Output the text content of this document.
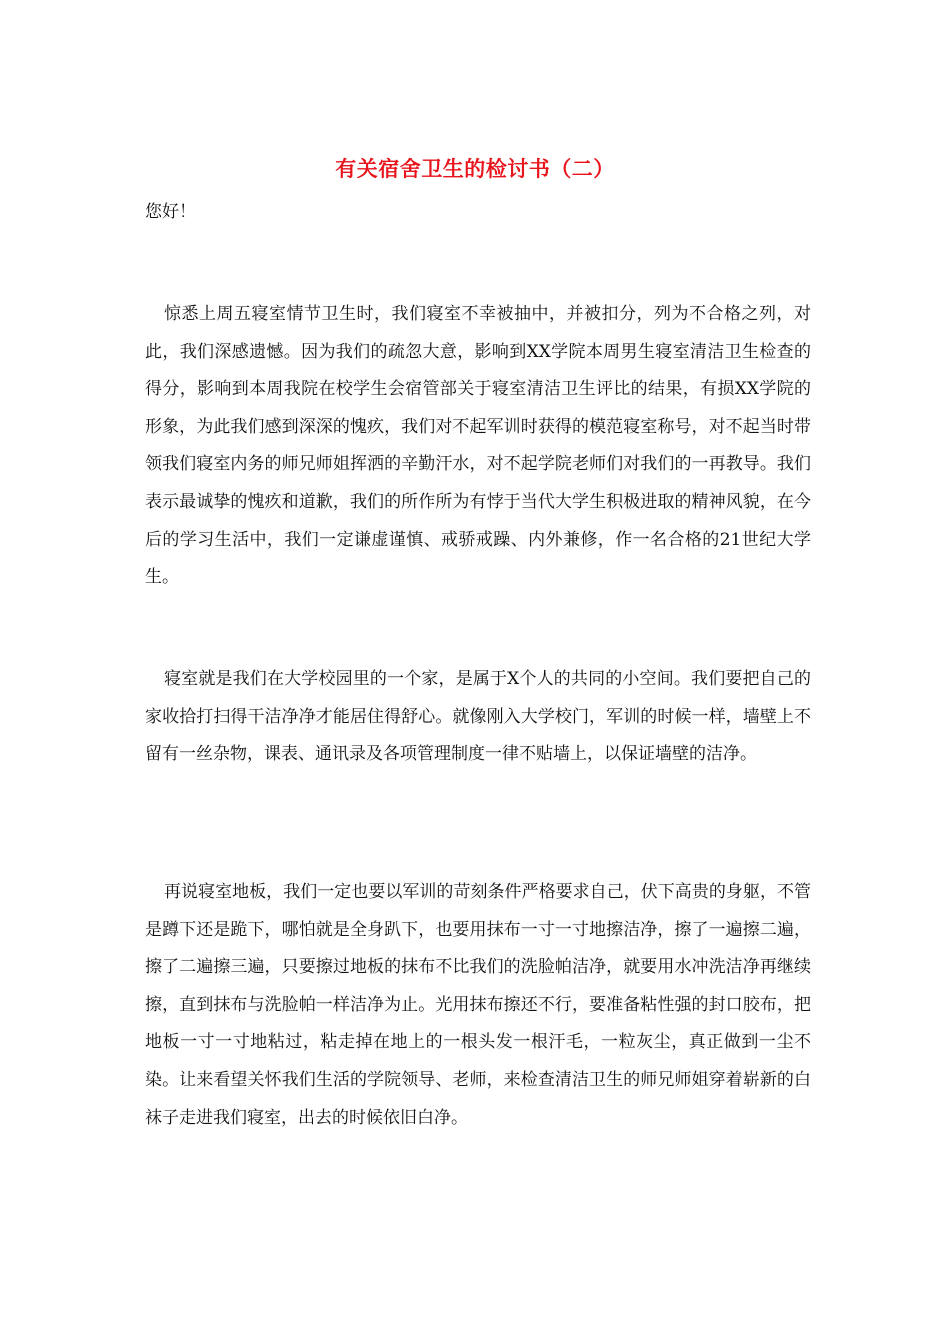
有关宿舍卫生的检讨书（二）
您好！

惊悉上周五寝室情节卫生时，我们寝室不幸被抽中，并被扣分，列为不合格之列，对此，我们深感遗憾。因为我们的疏忽大意，影响到XX学院本周男生寝室清洁卫生检查的得分，影响到本周我院在校学生会宿管部关于寝室清洁卫生评比的结果，有损XX学院的形象，为此我们感到深深的愧疚，我们对不起军训时获得的模范寝室称号，对不起当时带领我们寝室内务的师兄师姐挥洒的辛勤汗水，对不起学院老师们对我们的一再教导。我们表示最诚挚的愧疚和道歉，我们的所作所为有悖于当代大学生积极进取的精神风貌，在今后的学习生活中，我们一定谦虚谨慎、戒骄戒躁、内外兼修，作一名合格的21世纪大学生。

寝室就是我们在大学校园里的一个家，是属于X个人的共同的小空间。我们要把自己的家收拾打扫得干洁净净才能居住得舒心。就像刚入大学校门，军训的时候一样，墙壁上不留有一丝杂物，课表、通讯录及各项管理制度一律不贴墙上，以保证墙壁的洁净。

再说寝室地板，我们一定也要以军训的苛刻条件严格要求自己，伏下高贵的身躯，不管是蹲下还是跪下，哪怕就是全身趴下，也要用抹布一寸一寸地擦洁净，擦了一遍擦二遍，擦了二遍擦三遍，只要擦过地板的抹布不比我们的洗脸帕洁净，就要用水冲洗洁净再继续擦，直到抹布与洗脸帕一样洁净为止。光用抹布擦还不行，要准备粘性强的封口胶布，把地板一寸一寸地粘过，粘走掉在地上的一根头发一根汗毛，一粒灰尘，真正做到一尘不染。让来看望关怀我们生活的学院领导、老师，来检查清洁卫生的师兄师姐穿着崭新的白袜子走进我们寝室，出去的时候依旧白净。
